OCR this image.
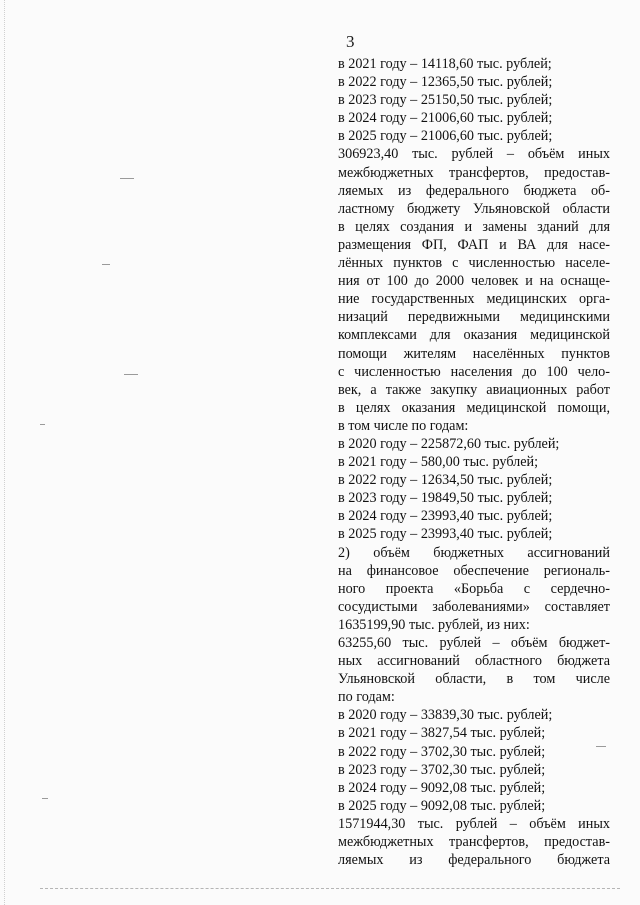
3
в 2021 году – 14118,60 тыс. рублей;
в 2022 году – 12365,50 тыс. рублей;
в 2023 году – 25150,50 тыс. рублей;
в 2024 году – 21006,60 тыс. рублей;
в 2025 году – 21006,60 тыс. рублей;
306923,40 тыс. рублей – объём иных
межбюджетных трансфертов, предостав-
ляемых из федерального бюджета об-
ластному бюджету Ульяновской области
в целях создания и замены зданий для
размещения ФП, ФАП и ВА для насе-
лённых пунктов с численностью населе-
ния от 100 до 2000 человек и на оснаще-
ние государственных медицинских орга-
низаций передвижными медицинскими
комплексами для оказания медицинской
помощи жителям населённых пунктов
с численностью населения до 100 чело-
век, а также закупку авиационных работ
в целях оказания медицинской помощи,
в том числе по годам:
в 2020 году – 225872,60 тыс. рублей;
в 2021 году – 580,00 тыс. рублей;
в 2022 году – 12634,50 тыс. рублей;
в 2023 году – 19849,50 тыс. рублей;
в 2024 году – 23993,40 тыс. рублей;
в 2025 году – 23993,40 тыс. рублей;
2) объём бюджетных ассигнований
на финансовое обеспечение региональ-
ного проекта «Борьба с сердечно-
сосудистыми заболеваниями» составляет
1635199,90 тыс. рублей, из них:
63255,60 тыс. рублей – объём бюджет-
ных ассигнований областного бюджета
Ульяновской области, в том числе
по годам:
в 2020 году – 33839,30 тыс. рублей;
в 2021 году – 3827,54 тыс. рублей;
в 2022 году – 3702,30 тыс. рублей;
в 2023 году – 3702,30 тыс. рублей;
в 2024 году – 9092,08 тыс. рублей;
в 2025 году – 9092,08 тыс. рублей;
1571944,30 тыс. рублей – объём иных
межбюджетных трансфертов, предостав-
ляемых из федерального бюджета
